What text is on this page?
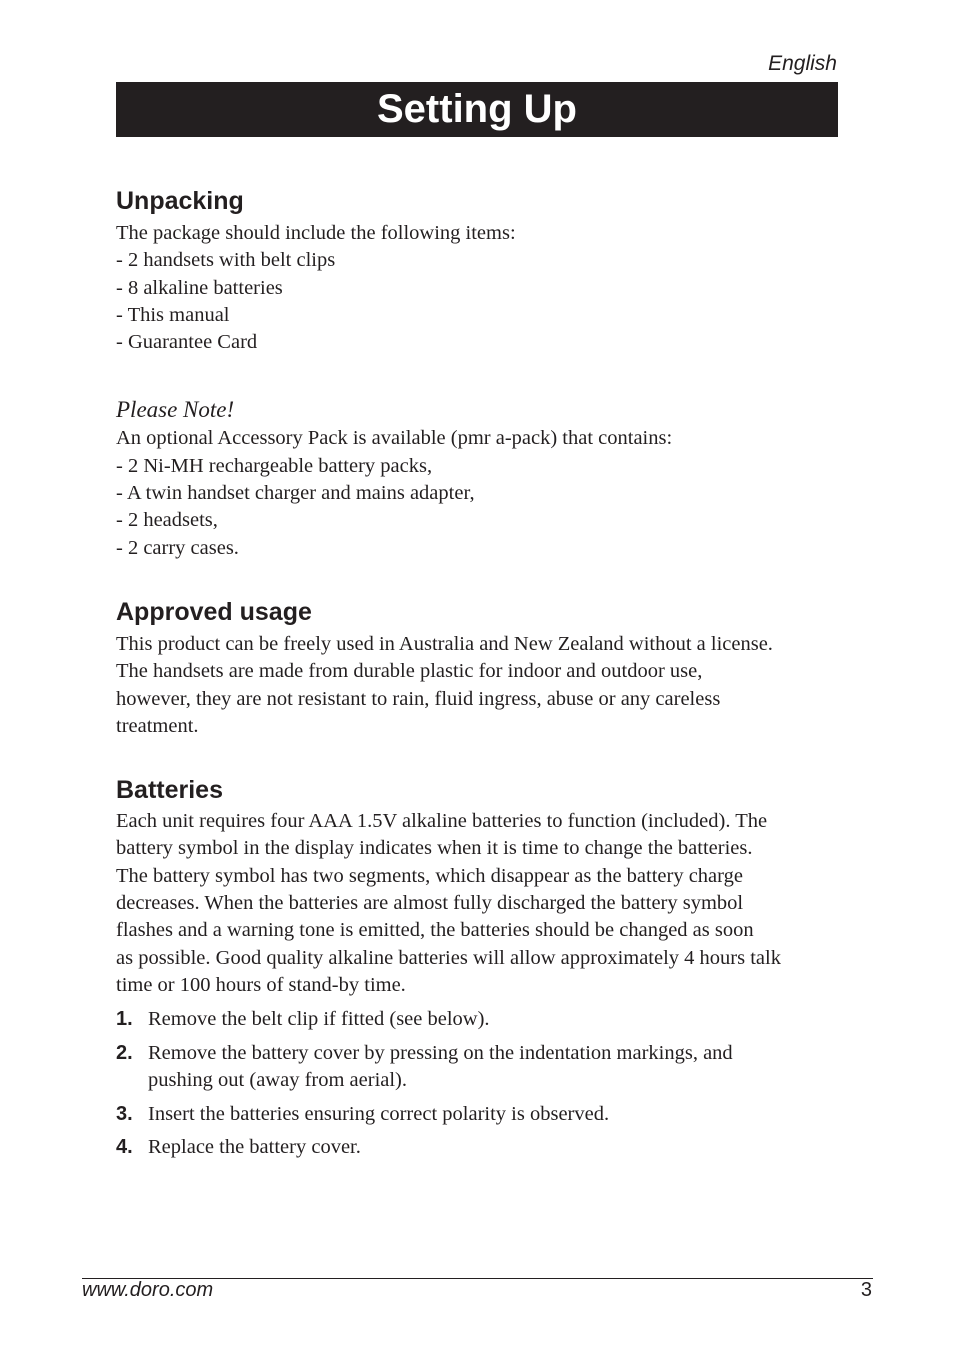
English
Setting Up
Unpacking
The package should include the following items:
- 2 handsets with belt clips
- 8 alkaline batteries
- This manual
- Guarantee Card
Please Note!
An optional Accessory Pack is available (pmr a-pack) that contains:
- 2 Ni-MH rechargeable battery packs,
- A twin handset charger and mains adapter,
- 2 headsets,
- 2 carry cases.
Approved usage
This product can be freely used in Australia and New Zealand without a license.
The handsets are made from durable plastic for indoor and outdoor use,
however, they are not resistant to rain, fluid ingress, abuse or any careless
treatment.
Batteries
Each unit requires four AAA 1.5V alkaline batteries to function (included). The
battery symbol in the display indicates when it is time to change the batteries.
The battery symbol has two segments, which disappear as the battery charge
decreases. When the batteries are almost fully discharged the battery symbol
flashes and a warning tone is emitted, the batteries should be changed as soon
as possible. Good quality alkaline batteries will allow approximately 4 hours talk
time or 100 hours of stand-by time.
1. Remove the belt clip if fitted (see below).
2. Remove the battery cover by pressing on the indentation markings, and
pushing out (away from aerial).
3. Insert the batteries ensuring correct polarity is observed.
4. Replace the battery cover.
www.doro.com	3
